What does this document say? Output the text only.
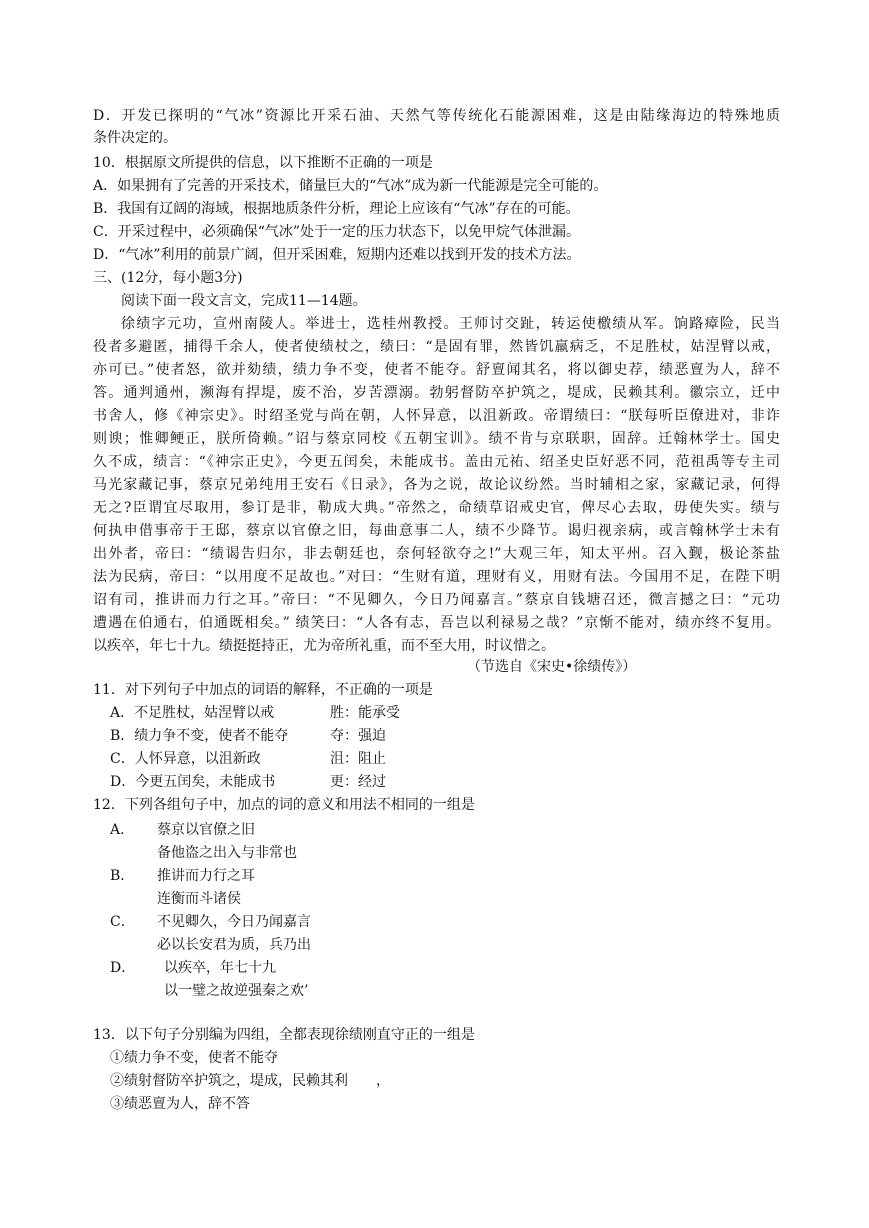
D．开发已探明的“气冰”资源比开采石油、天然气等传统化石能源困难，这是由陆缘海边的特殊地质
条件决定的。
10．根据原文所提供的信息，以下推断不正确的一项是
A．如果拥有了完善的开采技术，储量巨大的“气冰”成为新一代能源是完全可能的。
B．我国有辽阔的海域，根据地质条件分析，理论上应该有“气冰”存在的可能。
C．开采过程中，必须确保“气冰”处于一定的压力状态下，以免甲烷气体泄漏。
D．“气冰”利用的前景广阔，但开采困难，短期内还难以找到开发的技术方法。
三、(12分，每小题3分)
阅读下面一段文言文，完成11—14题。
徐绩字元功，宣州南陵人。举进士，选桂州教授。王师讨交趾，转运使檄绩从军。饷路瘴险，民当
役者多避匿，捕得千余人，使者使绩杖之，绩曰：“是固有罪，然皆饥羸病乏，不足胜杖，姑涅臂以戒，
亦可已。”使者怒，欲并劾绩，绩力争不变，使者不能夺。舒亶闻其名，将以御史荐，绩恶亶为人，辞不
答。通判通州，濒海有捍堤，废不治，岁苦漂溺。勃躬督防卒护筑之，堤成，民赖其利。徽宗立，迁中
书舍人，修《神宗史》。时绍圣党与尚在朝，人怀异意，以沮新政。帝谓绩曰：“朕每听臣僚进对，非诈
则谀；惟卿鲠正，朕所倚赖。”诏与蔡京同校《五朝宝训》。绩不肯与京联职，固辞。迁翰林学士。国史
久不成，绩言：“《神宗正史》，今更五闰矣，未能成书。盖由元祐、绍圣史臣好恶不同，范祖禹等专主司
马光家藏记事，蔡京兄弟纯用王安石《日录》，各为之说，故论议纷然。当时辅相之家，家藏记录，何得
无之?臣谓宜尽取用，参订是非，勒成大典。”帝然之，命绩草诏戒史官，俾尽心去取，毋使失实。绩与
何执申借事帝于王邸，蔡京以官僚之旧，每曲意事二人，绩不少降节。谒归视亲病，或言翰林学士未有
出外者，帝曰：“绩谒告归尔，非去朝廷也，奈何轻欲夺之!”大观三年，知太平州。召入觐，极论茶盐
法为民病，帝曰：“以用度不足故也。”对曰：“生财有道，理财有义，用财有法。今国用不足，在陛下明
诏有司，推讲而力行之耳。”帝曰：“不见卿久，今日乃闻嘉言。”蔡京自钱塘召还，微言撼之曰：“元功
遭遇在伯通右，伯通既相矣。” 绩笑曰：“人各有志，吾岂以利禄易之哉？”京惭不能对，绩亦终不复用。
以疾卒，年七十九。绩挺挺持正，尤为帝所礼重，而不至大用，时议惜之。
（节选自《宋史•徐绩传》）
11．对下列句子中加点的词语的解释，不正确的一项是
A．不足胜杖，姑涅臂以戒	胜：能承受
B．绩力争不变，使者不能夺	夺：强迫
C．人怀异意，以沮新政	沮：阻止
D．今更五闰矣，未能成书	更：经过
12．下列各组句子中，加点的词的意义和用法不相同的一组是
A． 蔡京以官僚之旧
备他盗之出入与非常也
B． 推讲而力行之耳
连衡而斗诸侯
C． 不见卿久，今日乃闻嘉言
必以长安君为质，兵乃出
D． 以疾卒，年七十九
以一璧之故逆强秦之欢’
13．以下句子分别编为四组，全都表现徐绩刚直守正的一组是
①绩力争不变，使者不能夺
②绩射督防卒护筑之，堤成，民赖其利　　，
③绩恶亶为人，辞不答
